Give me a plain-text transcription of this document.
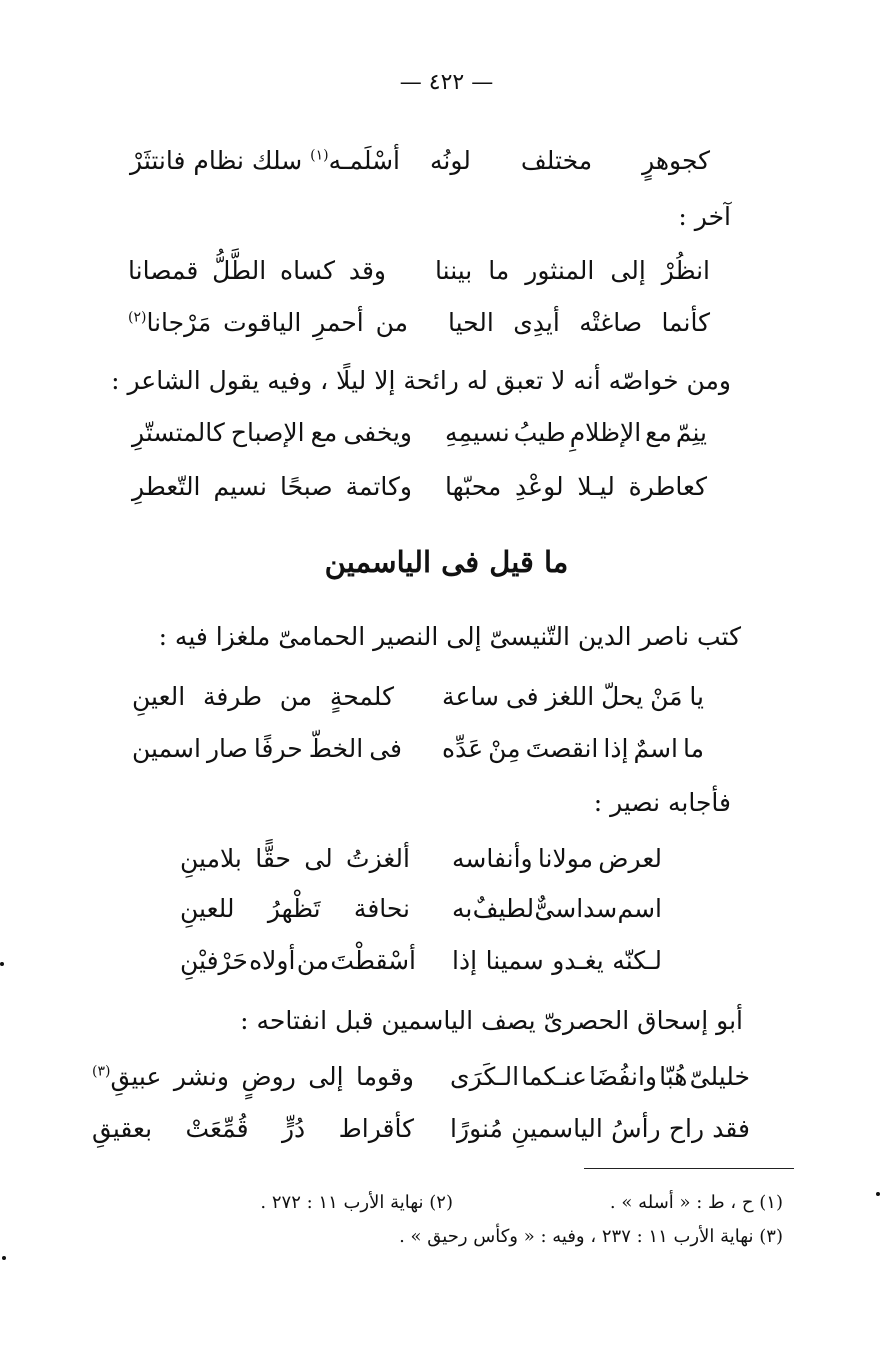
— ٤٢٢ —
كجوهرٍ
مختلف
لونُه
أسْلَمـه$^{(١)}$
سلك
نظام
فانتثَرْ
آخر :
انظُرْ
إلى
المنثور
ما
بيننا
وقد
كساه
الطَّلُّ
قمصانا
كأنما
صاغتْه
أيدِى
الحيا
من
أحمرِ
الياقوت
مَرْجانا$^{(٢)}$
ومن خواصّه أنه لا تعبق له رائحة إلا ليلًا ، وفيه يقول الشاعر :
ينِمّ
مع
الإظلامِ
طيبُ
نسيمِهِ
ويخفى
مع
الإصباح
كالمتستّرِ
كعاطرة
ليـلا
لوعْدِ
محبّها
وكاتمة
صبحًا
نسيم
التّعطرِ
ما قيل فى الياسمين
كتب ناصر الدين التّنيسىّ إلى النصير الحمامىّ ملغزا فيه :
يا
مَنْ
يحلّ
اللغز
فى
ساعة
كلمحةٍ
من
طرفة
العينِ
ما
اسمٌ
إذا
انقصتَ
مِنْ
عَدِّه
فى
الخطّ
حرفًا
صار
اسمين
فأجابه نصير :
لعرض
مولانا
وأنفاسه
ألغزتُ
لى
حقًّا
بلامينِ
اسم
سداسىٌّ
لطيفٌ
به
نحافة
تَظْهرُ
للعينِ
لـكنّه
يغـدو
سمينا
إذا
أسْقطْتَ
من
أولاه
حَرْفيْنِ
أبو إسحاق الحصرىّ يصف الياسمين قبل انفتاحه :
خليلىّ
هُبّا
وانفُضَا
عنـكما
الـكَرَى
وقوما
إلى
روضٍ
ونشر
عبيقِ$^{(٣)}$
فقد
راح
رأسُ
الياسمينِ
مُنورًا
كأقراط
دُرٍّ
قُمِّعَتْ
بعقيقِ
(١) ح ، ط : « أسله » .
(٢) نهاية الأرب ١١ : ٢٧٢ .
(٣) نهاية الأرب ١١ : ٢٣٧ ، وفيه : « وكأس رحيق » .
